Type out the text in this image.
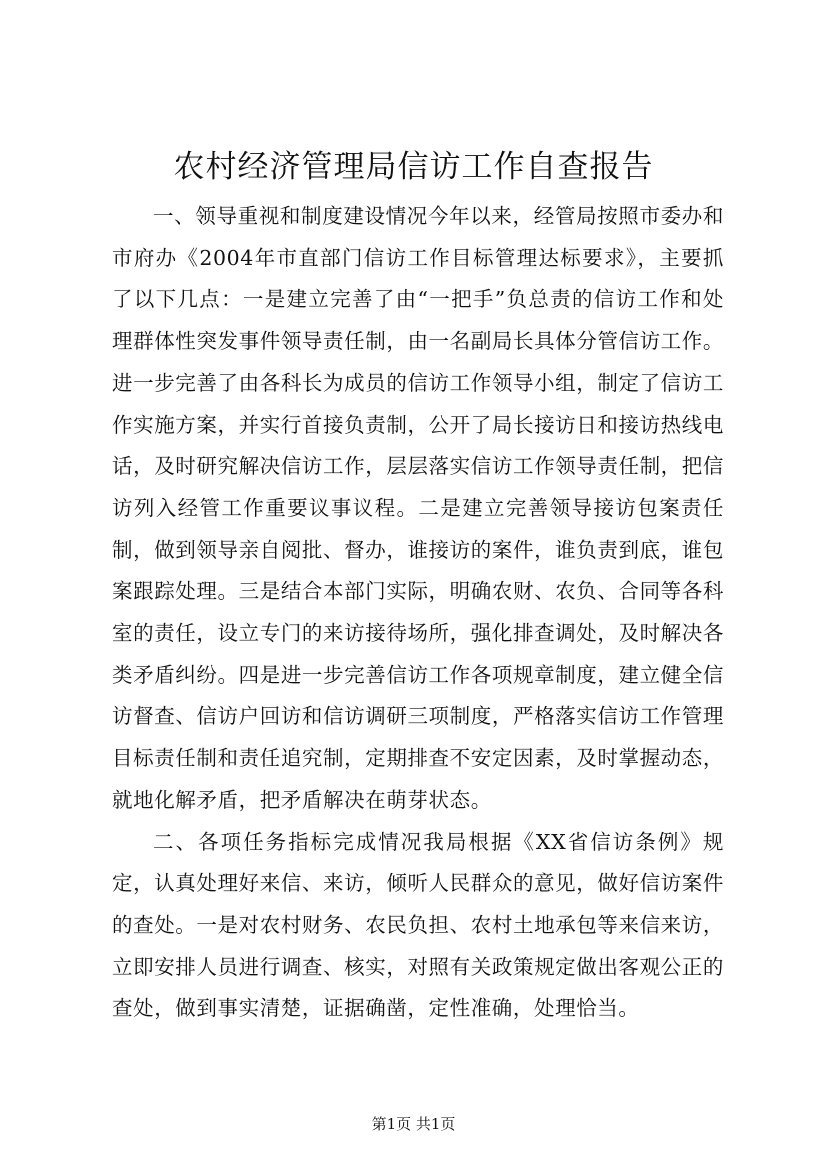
农村经济管理局信访工作自查报告

一、领导重视和制度建设情况今年以来，经管局按照市委办和市府办《2004年市直部门信访工作目标管理达标要求》，主要抓了以下几点：一是建立完善了由“一把手”负总责的信访工作和处理群体性突发事件领导责任制，由一名副局长具体分管信访工作。进一步完善了由各科长为成员的信访工作领导小组，制定了信访工作实施方案，并实行首接负责制，公开了局长接访日和接访热线电话，及时研究解决信访工作，层层落实信访工作领导责任制，把信访列入经管工作重要议事议程。二是建立完善领导接访包案责任制，做到领导亲自阅批、督办，谁接访的案件，谁负责到底，谁包案跟踪处理。三是结合本部门实际，明确农财、农负、合同等各科室的责任，设立专门的来访接待场所，强化排查调处，及时解决各类矛盾纠纷。四是进一步完善信访工作各项规章制度，建立健全信访督查、信访户回访和信访调研三项制度，严格落实信访工作管理目标责任制和责任追究制，定期排查不安定因素，及时掌握动态，就地化解矛盾，把矛盾解决在萌芽状态。

二、各项任务指标完成情况我局根据《XX省信访条例》规定，认真处理好来信、来访，倾听人民群众的意见，做好信访案件的查处。一是对农村财务、农民负担、农村土地承包等来信来访，立即安排人员进行调查、核实，对照有关政策规定做出客观公正的查处，做到事实清楚，证据确凿，定性准确，处理恰当。

第1页 共1页
